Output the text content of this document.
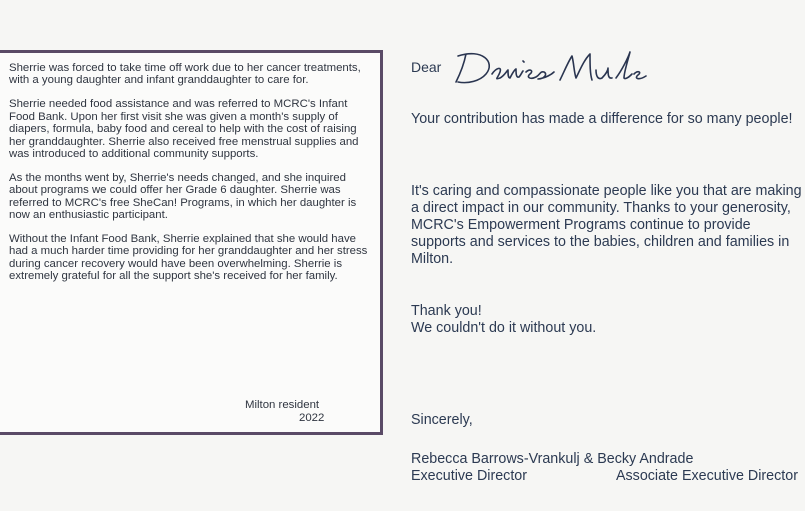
Sherrie was forced to take time off work due to her cancer treatments, with a young daughter and infant granddaughter to care for.

Sherrie needed food assistance and was referred to MCRC's Infant Food Bank. Upon her first visit she was given a month's supply of diapers, formula, baby food and cereal to help with the cost of raising her granddaughter. Sherrie also received free menstrual supplies and was introduced to additional community supports.

As the months went by, Sherrie's needs changed, and she inquired about programs we could offer her Grade 6 daughter. Sherrie was referred to MCRC's free SheCan! Programs, in which her daughter is now an enthusiastic participant.

Without the Infant Food Bank, Sherrie explained that she would have had a much harder time providing for her granddaughter and her stress during cancer recovery would have been overwhelming. Sherrie is extremely grateful for all the support she's received for her family.

Milton resident
2022
Dear
Your contribution has made a difference for so many people!
It's caring and compassionate people like you that are making a direct impact in our community. Thanks to your generosity, MCRC's Empowerment Programs continue to provide supports and services to the babies, children and families in Milton.
Thank you!
We couldn't do it without you.
Sincerely,
Rebecca Barrows-Vrankulj & Becky Andrade
Executive Director	Associate Executive Director
